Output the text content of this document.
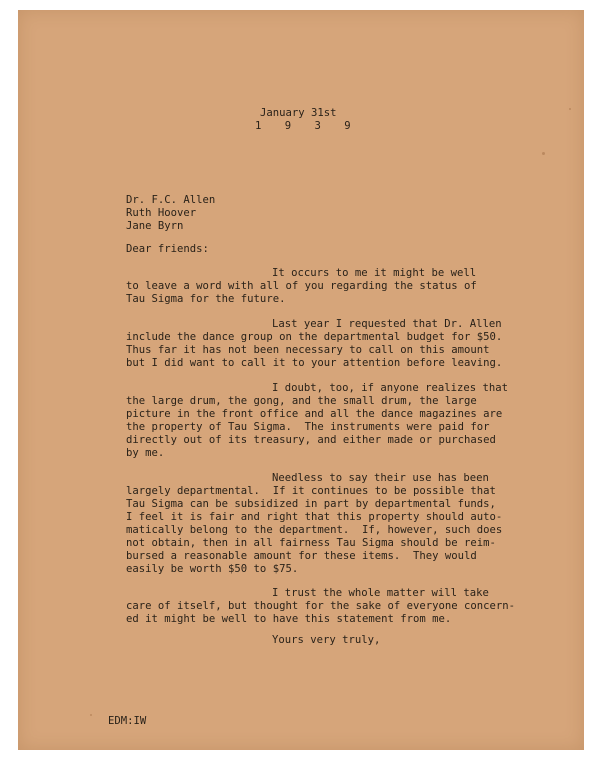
January 31st

1 9 3 9

Dr. F.C. Allen

Ruth Hoover

Jane Byrn

Dear friends:

It occurs to me it might be well

to leave a word with all of you regarding the status of

Tau Sigma for the future.

Last year I requested that Dr. Allen

include the dance group on the departmental budget for $50.

Thus far it has not been necessary to call on this amount

but I did want to call it to your attention before leaving.

I doubt, too, if anyone realizes that

the large drum, the gong, and the small drum, the large

picture in the front office and all the dance magazines are

the property of Tau Sigma.  The instruments were paid for

directly out of its treasury, and either made or purchased

by me.

Needless to say their use has been

largely departmental.  If it continues to be possible that

Tau Sigma can be subsidized in part by departmental funds,

I feel it is fair and right that this property should auto-

matically belong to the department.  If, however, such does

not obtain, then in all fairness Tau Sigma should be reim-

bursed a reasonable amount for these items.  They would

easily be worth $50 to $75.

I trust the whole matter will take

care of itself, but thought for the sake of everyone concern-

ed it might be well to have this statement from me.

Yours very truly,

EDM:IW
